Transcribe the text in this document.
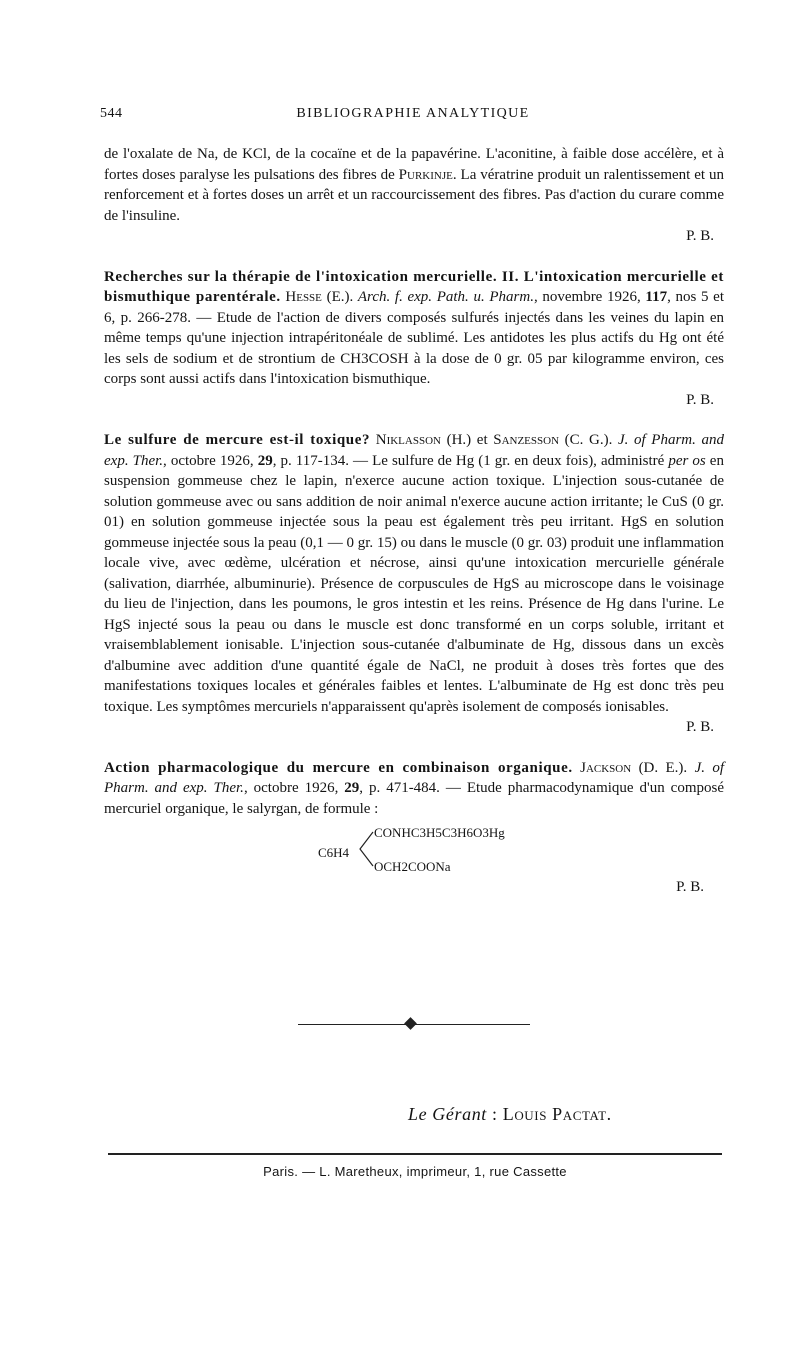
544	BIBLIOGRAPHIE ANALYTIQUE

de l'oxalate de Na, de KCl, de la cocaïne et de la papavérine. L'aconitine, à faible dose accélère, et à fortes doses paralyse les pulsations des fibres de Purkinje. La vératrine produit un ralentissement et un renforcement et à fortes doses un arrêt et un raccourcissement des fibres. Pas d'action du curare comme de l'insuline.

P. B.

Recherches sur la thérapie de l'intoxication mercurielle. II. L'intoxication mercurielle et bismuthique parentérale. Hesse (E.). Arch. f. exp. Path. u. Pharm., novembre 1926, 117, nos 5 et 6, p. 266-278. — Etude de l'action de divers composés sulfurés injectés dans les veines du lapin en même temps qu'une injection intrapéritonéale de sublimé. Les antidotes les plus actifs du Hg ont été les sels de sodium et de strontium de CH3COSH à la dose de 0 gr. 05 par kilogramme environ, ces corps sont aussi actifs dans l'intoxication bismuthique.

P. B.

Le sulfure de mercure est-il toxique? Niklasson (H.) et Sanzesson (C. G.). J. of Pharm. and exp. Ther., octobre 1926, 29, p. 117-134. — Le sulfure de Hg (1 gr. en deux fois), administré per os en suspension gommeuse chez le lapin, n'exerce aucune action toxique. L'injection sous-cutanée de solution gommeuse avec ou sans addition de noir animal n'exerce aucune action irritante; le CuS (0 gr. 01) en solution gommeuse injectée sous la peau est également très peu irritant. HgS en solution gommeuse injectée sous la peau (0,1 — 0 gr. 15) ou dans le muscle (0 gr. 03) produit une inflammation locale vive, avec œdème, ulcération et nécrose, ainsi qu'une intoxication mercurielle générale (salivation, diarrhée, albuminurie). Présence de corpuscules de HgS au microscope dans le voisinage du lieu de l'injection, dans les poumons, le gros intestin et les reins. Présence de Hg dans l'urine. Le HgS injecté sous la peau ou dans le muscle est donc transformé en un corps soluble, irritant et vraisemblablement ionisable. L'injection sous-cutanée d'albuminate de Hg, dissous dans un excès d'albumine avec addition d'une quantité égale de NaCl, ne produit à doses très fortes que des manifestations toxiques locales et générales faibles et lentes. L'albuminate de Hg est donc très peu toxique. Les symptômes mercuriels n'apparaissent qu'après isolement de composés ionisables.

P. B.

Action pharmacologique du mercure en combinaison organique. Jackson (D. E.). J. of Pharm. and exp. Ther., octobre 1926, 29, p. 471-484. — Etude pharmacodynamique d'un composé mercuriel organique, le salyrgan, de formule :

C6H4
CONHC3H5C3H6O3Hg
OCH2COONa
P. B.
Le Gérant : Louis Pactat.
Paris. — L. Maretheux, imprimeur, 1, rue Cassette
